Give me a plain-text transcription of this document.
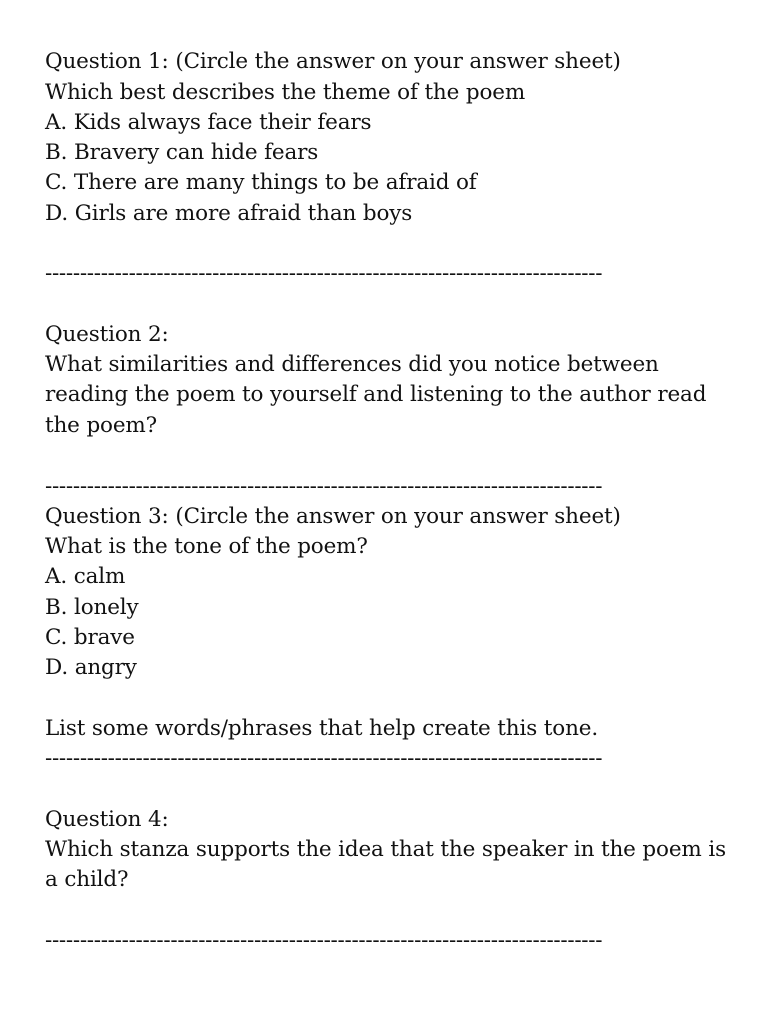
Question 1: (Circle the answer on your answer sheet)
Which best describes the theme of the poem
A. Kids always face their fears
B. Bravery can hide fears
C. There are many things to be afraid of
D. Girls are more afraid than boys
--------------------------------------------------------------------------------
Question 2:
What similarities and differences did you notice between
reading the poem to yourself and listening to the author read
the poem?
--------------------------------------------------------------------------------
Question 3: (Circle the answer on your answer sheet)
What is the tone of the poem?
A. calm
B. lonely
C. brave
D. angry
List some words/phrases that help create this tone.
--------------------------------------------------------------------------------
Question 4:
Which stanza supports the idea that the speaker in the poem is
a child?
--------------------------------------------------------------------------------
